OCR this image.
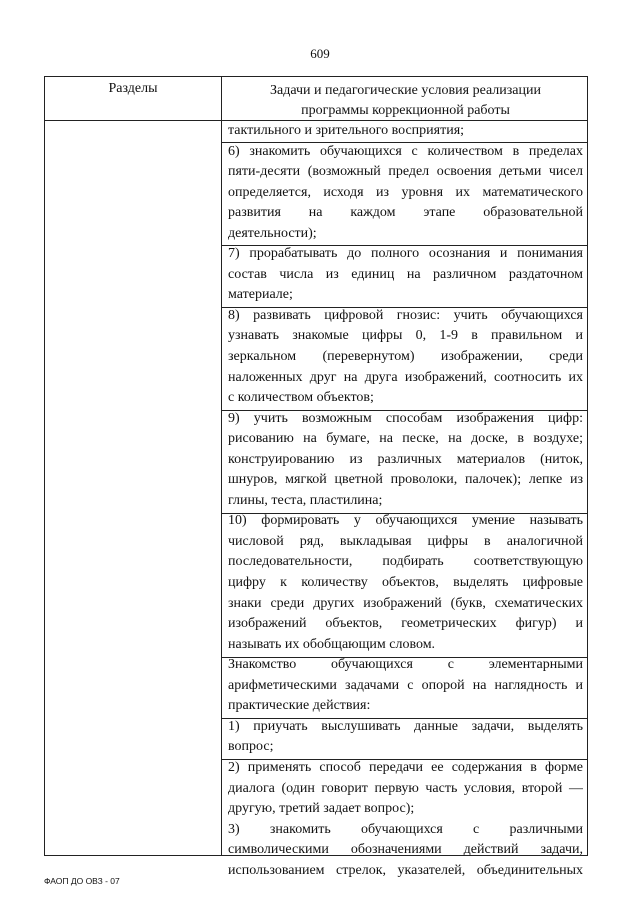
609
Разделы	Задачи и педагогические условия реализации
программы коррекционной работы
тактильного и зрительного восприятия;
6) знакомить обучающихся с количеством в пределах
пяти-десяти (возможный предел освоения детьми чисел
определяется, исходя из уровня их математического
развития на каждом этапе образовательной
деятельности);
7) прорабатывать до полного осознания и понимания
состав числа из единиц на различном раздаточном
материале;
8) развивать цифровой гнозис: учить обучающихся
узнавать знакомые цифры 0, 1-9 в правильном и
зеркальном (перевернутом) изображении, среди
наложенных друг на друга изображений, соотносить их
с количеством объектов;
9) учить возможным способам изображения цифр:
рисованию на бумаге, на песке, на доске, в воздухе;
конструированию из различных материалов (ниток,
шнуров, мягкой цветной проволоки, палочек); лепке из
глины, теста, пластилина;
10) формировать у обучающихся умение называть
числовой ряд, выкладывая цифры в аналогичной
последовательности, подбирать соответствующую
цифру к количеству объектов, выделять цифровые
знаки среди других изображений (букв, схематических
изображений объектов, геометрических фигур) и
называть их обобщающим словом.
Знакомство обучающихся с элементарными
арифметическими задачами с опорой на наглядность и
практические действия:
1) приучать выслушивать данные задачи, выделять
вопрос;
2) применять способ передачи ее содержания в форме
диалога (один говорит первую часть условия, второй —
другую, третий задает вопрос);
3) знакомить обучающихся с различными
символическими обозначениями действий задачи,
использованием стрелок, указателей, объединительных
ФАОП ДО ОВЗ - 07
